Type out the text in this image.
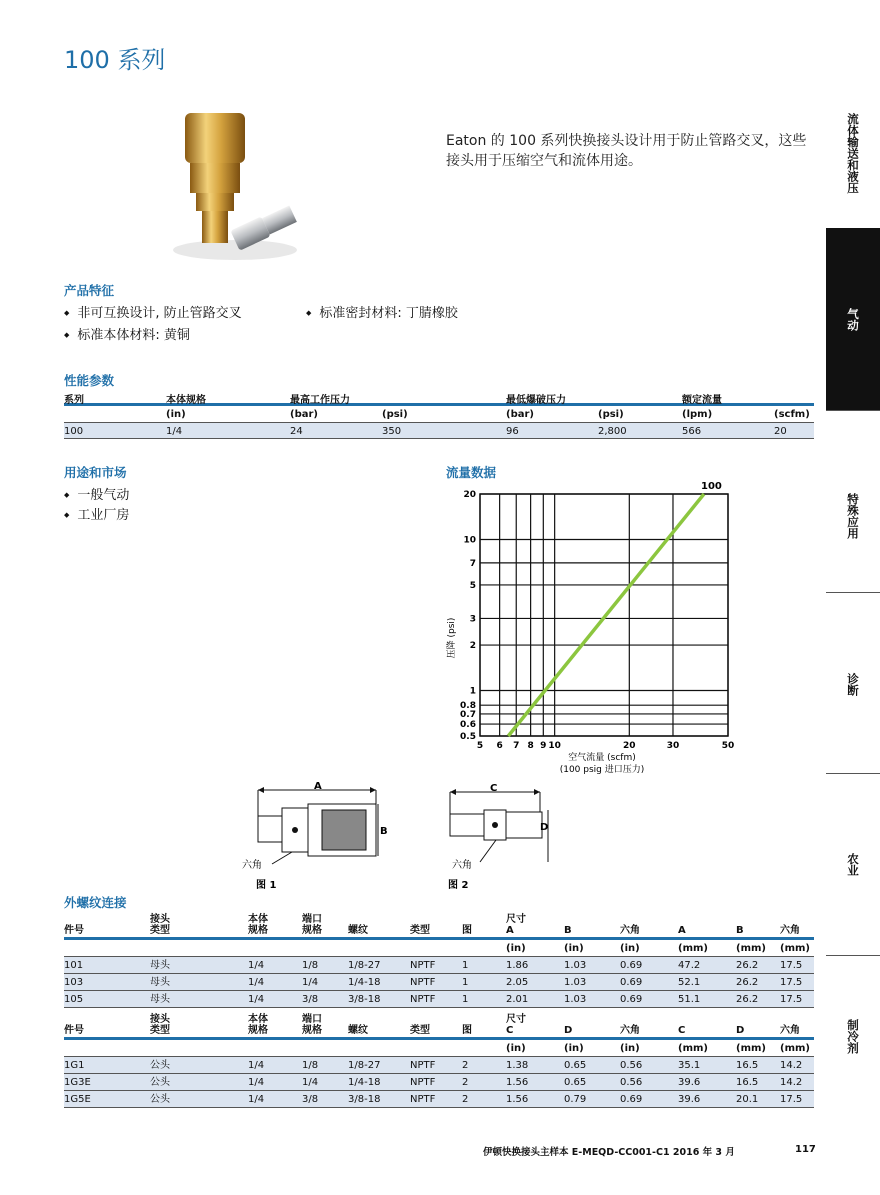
100 系列
Eaton 的 100 系列快换接头设计用于防止管路交叉，这些接头用于压缩空气和流体用途。
产品特征
◆ 非可互换设计, 防止管路交叉
◆	标准密封材料: 丁腈橡胶
◆ 标准本体材料: 黄铜
性能参数
系列	本体规格	最高工作压力	最低爆破压力	额定流量
(in)	(bar)	(psi)	(bar)	(psi)	(lpm)	(scfm)
100	1/4	24	350	96	2,800	566	20
用途和市场
◆ 一般气动
◆ 工业厂房
流量数据
5 6 7 8 9 10	20	30	50
0.5
0.6
0.7
0.8
1
2
3
5
7
10
20
100
压降 (psi)
空气流量 (scfm)
(100 psig 进口压力)
A
B
六角
图 1
C
D
六角
图 2
外螺纹连接
件号
接头
类型
本体
规格
端口
规格	螺纹	类型	图
尺寸
A	B	六角	A	B	六角
(in)	(in)	(in)	(mm)	(mm) (mm)
101	母头	1/4	1/8	1/8-27	NPTF	1	1.86	1.03	0.69	47.2	26.2 17.5
103	母头	1/4	1/4	1/4-18	NPTF	1	2.05	1.03	0.69	52.1	26.2 17.5
105	母头	1/4	3/8	3/8-18	NPTF	1	2.01	1.03	0.69	51.1	26.2 17.5
件号
接头
类型
本体
规格
端口
规格	螺纹	类型	图
尺寸
C	D	六角	C	D	六角
(in)	(in)	(in)	(mm)	(mm) (mm)
1G1	公头	1/4	1/8	1/8-27	NPTF	2	1.38	0.65	0.56	35.1	16.5 14.2
1G3E	公头	1/4	1/4	1/4-18	NPTF	2	1.56	0.65	0.56	39.6	16.5 14.2
1G5E	公头	1/4	3/8	3/8-18	NPTF	2	1.56	0.79	0.69	39.6	20.1 17.5
流体输送和液压
气动
特殊应用
诊断
农业
制冷剂
伊顿快换接头主样本 E-MEQD-CC001-C1 2016 年 3 月	117
